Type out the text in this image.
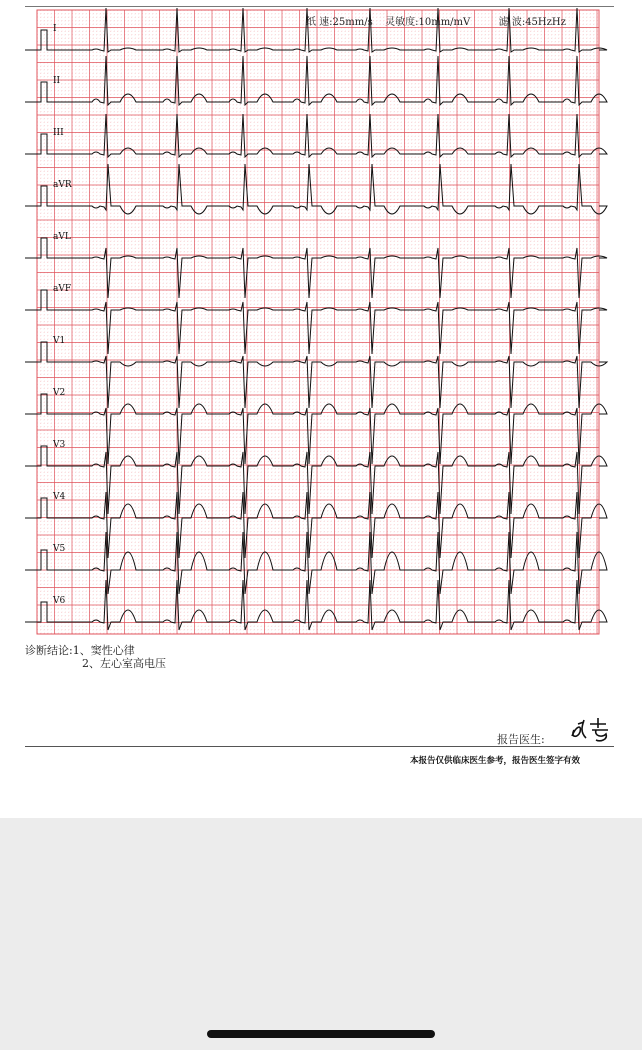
纸 速:25mm/s 灵敏度:10mm/mV	滤 波:45HzHz
I
II
III
aVR
aVL
aVF
V1
V2
V3
V4
V5
V6
诊断结论:1、窦性心律
2、左心室高电压
报告医生:
本报告仅供临床医生参考，报告医生签字有效
